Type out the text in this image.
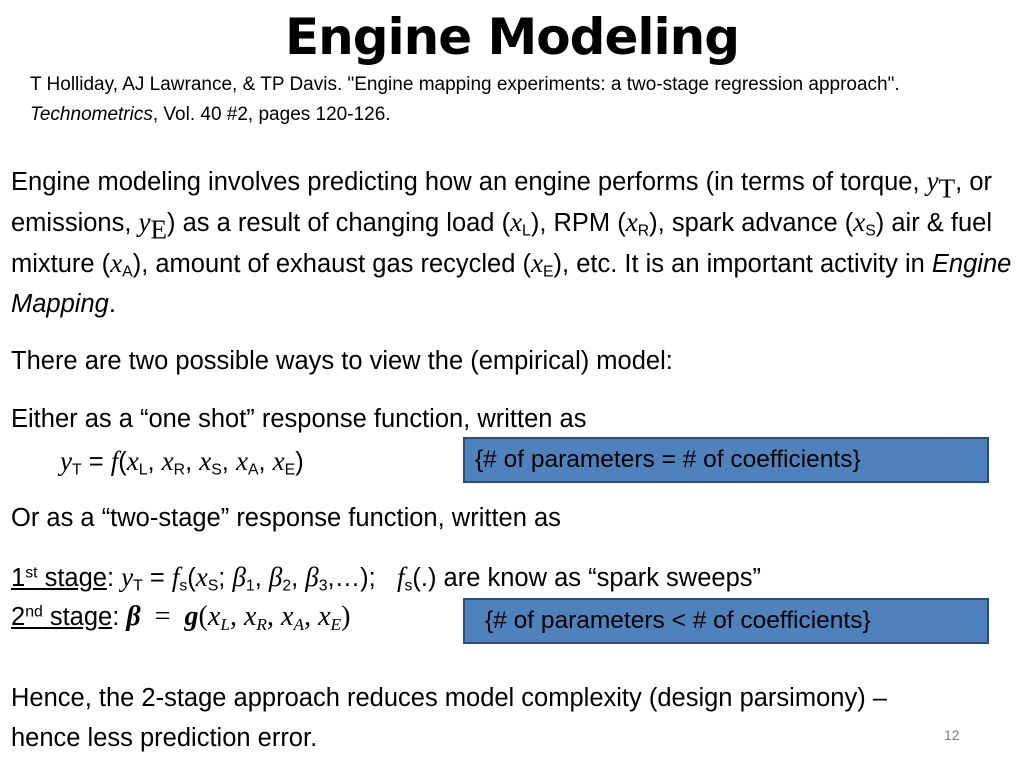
Engine Modeling
T Holliday, AJ Lawrance, & TP Davis. "Engine mapping experiments: a two-stage regression approach". Technometrics, Vol. 40 #2, pages 120-126.
Engine modeling involves predicting how an engine performs (in terms of torque, $y_T$, or emissions, $y_E$) as a result of changing load $(x_L)$, RPM $(x_R)$, spark advance $(x_S)$ air & fuel mixture $(x_A)$, amount of exhaust gas recycled $(x_E)$, etc. It is an important activity in Engine Mapping.
There are two possible ways to view the (empirical) model:
Either as a “one shot” response function, written as
$y_T = f(x_L$, $x_R$, $x_S$, $x_A$, $x_E$)	{# of parameters = # of coefficients}
Or as a “two-stage” response function, written as
1st stage: $y_T = f_s(x_S$; $\beta_1$, $\beta_2$, $\beta_3,\dots$);   $f_s(.)$ are know as “spark sweeps”
2nd stage: $\beta = g(x_L$, $x_R$, $x_A$, $x_E$)	{# of parameters < # of coefficients}
Hence, the 2-stage approach reduces model complexity (design parsimony) – hence less prediction error.	12
